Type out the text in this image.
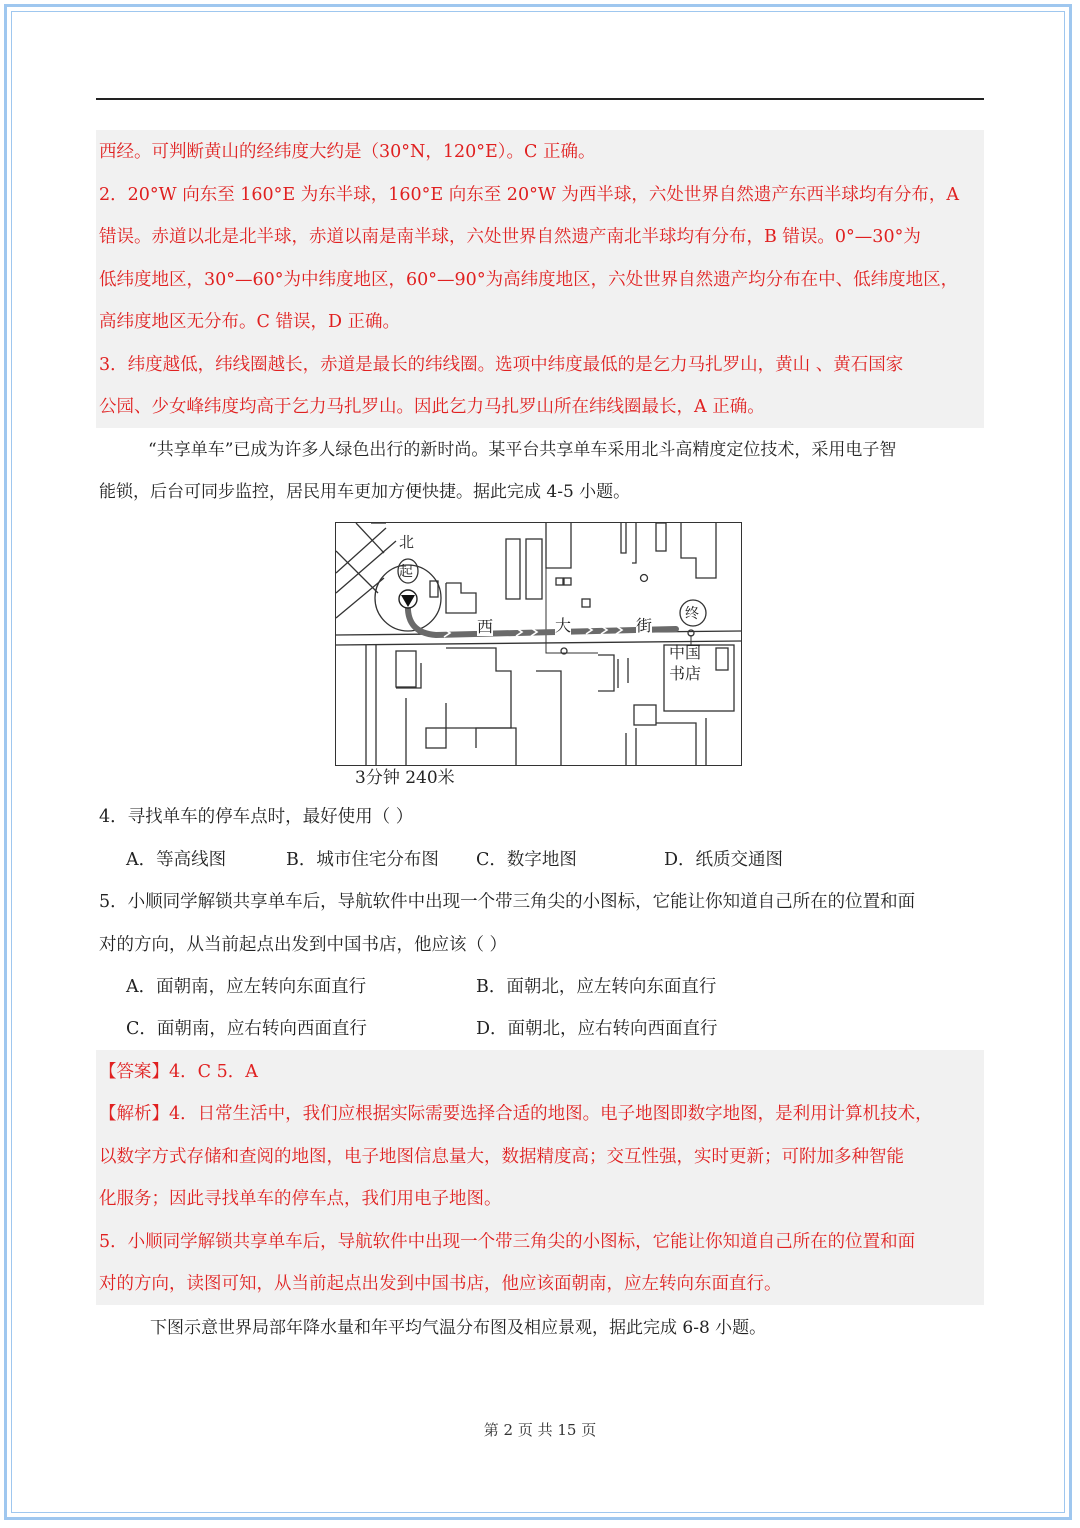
西经。可判断黄山的经纬度大约是（30°N，120°E）。C 正确。
2．20°W 向东至 160°E 为东半球，160°E 向东至 20°W 为西半球，六处世界自然遗产东西半球均有分布，A
错误。赤道以北是北半球，赤道以南是南半球，六处世界自然遗产南北半球均有分布，B 错误。0°—30°为
低纬度地区，30°—60°为中纬度地区，60°—90°为高纬度地区，六处世界自然遗产均分布在中、低纬度地区，
高纬度地区无分布。C 错误，D 正确。
3．纬度越低，纬线圈越长，赤道是最长的纬线圈。选项中纬度最低的是乞力马扎罗山，黄山 、黄石国家
公园、少女峰纬度均高于乞力马扎罗山。因此乞力马扎罗山所在纬线圈最长，A 正确。
“共享单车”已成为许多人绿色出行的新时尚。某平台共享单车采用北斗高精度定位技术，采用电子智
能锁，后台可同步监控，居民用车更加方便快捷。据此完成 4-5 小题。
北
起
终
西	大	街
中国
书店
3分钟 240米
4．寻找单车的停车点时，最好使用（ ）
A．等高线图	B．城市住宅分布图 C．数字地图	D．纸质交通图
5．小顺同学解锁共享单车后，导航软件中出现一个带三角尖的小图标，它能让你知道自己所在的位置和面
对的方向，从当前起点出发到中国书店，他应该（ ）
A．面朝南，应左转向东面直行	B．面朝北，应左转向东面直行
C．面朝南，应右转向西面直行	D．面朝北，应右转向西面直行
【答案】4．C 5．A
【解析】4．日常生活中，我们应根据实际需要选择合适的地图。电子地图即数字地图，是利用计算机技术，
以数字方式存储和查阅的地图，电子地图信息量大，数据精度高；交互性强，实时更新；可附加多种智能
化服务；因此寻找单车的停车点，我们用电子地图。
5．小顺同学解锁共享单车后，导航软件中出现一个带三角尖的小图标，它能让你知道自己所在的位置和面
对的方向，读图可知，从当前起点出发到中国书店，他应该面朝南，应左转向东面直行。
下图示意世界局部年降水量和年平均气温分布图及相应景观，据此完成 6-8 小题。
第 2 页 共 15 页
